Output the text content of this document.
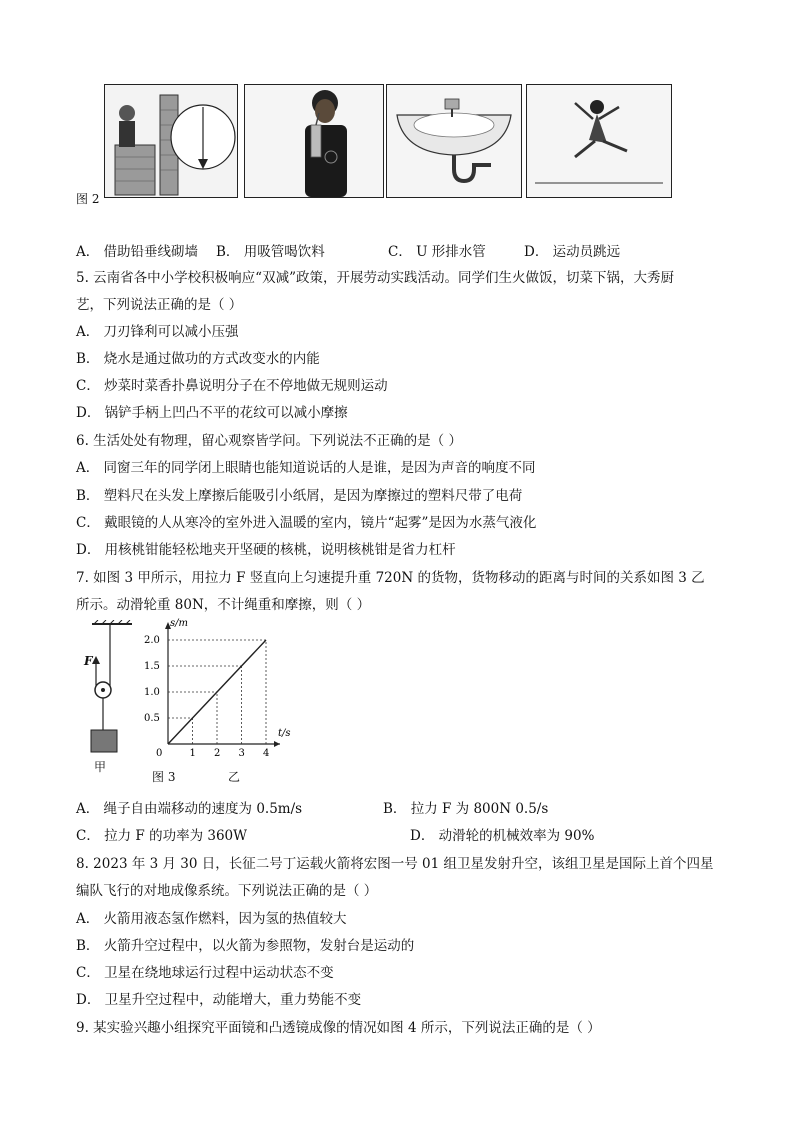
图 2
A． 借助铅垂线砌墙 B． 用吸管喝饮料	C． U 形排水管	D． 运动员跳远
5. 云南省各中小学校积极响应“双减”政策，开展劳动实践活动。同学们生火做饭，切菜下锅，大秀厨
艺，下列说法正确的是（ ）
A． 刀刃锋利可以减小压强
B． 烧水是通过做功的方式改变水的内能
C． 炒菜时菜香扑鼻说明分子在不停地做无规则运动
D． 锅铲手柄上凹凸不平的花纹可以减小摩擦
6. 生活处处有物理，留心观察皆学问。下列说法不正确的是（ ）
A． 同窗三年的同学闭上眼睛也能知道说话的人是谁，是因为声音的响度不同
B． 塑料尺在头发上摩擦后能吸引小纸屑，是因为摩擦过的塑料尺带了电荷
C． 戴眼镜的人从寒冷的室外进入温暖的室内，镜片“起雾”是因为水蒸气液化
D． 用核桃钳能轻松地夹开坚硬的核桃，说明核桃钳是省力杠杆
7. 如图 3 甲所示，用拉力 F 竖直向上匀速提升重 720N 的货物，货物移动的距离与时间的关系如图 3 乙
所示。动滑轮重 80N，不计绳重和摩擦，则（ ）
F
甲
0	1 2 3 4
0.5
1.0
1.5
2.0
s/m
t/s
图 3	乙
A． 绳子自由端移动的速度为 0.5m/s	B． 拉力 F 为 800N 0.5/s
C． 拉力 F 的功率为 360W	D． 动滑轮的机械效率为 90%
8. 2023 年 3 月 30 日，长征二号丁运载火箭将宏图一号 01 组卫星发射升空，该组卫星是国际上首个四星
编队飞行的对地成像系统。下列说法正确的是（ ）
A． 火箭用液态氢作燃料，因为氢的热值较大
B． 火箭升空过程中，以火箭为参照物，发射台是运动的
C． 卫星在绕地球运行过程中运动状态不变
D． 卫星升空过程中，动能增大，重力势能不变
9. 某实验兴趣小组探究平面镜和凸透镜成像的情况如图 4 所示，下列说法正确的是（ ）
